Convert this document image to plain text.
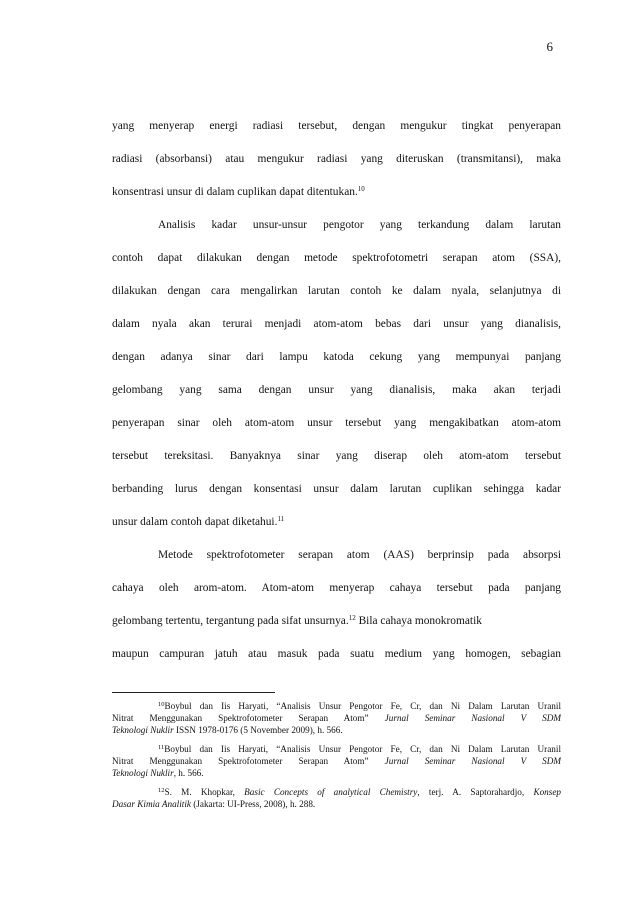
6
yang menyerap energi radiasi tersebut, dengan mengukur tingkat penyerapan
radiasi (absorbansi) atau mengukur radiasi yang diteruskan (transmitansi), maka
konsentrasi unsur di dalam cuplikan dapat ditentukan.$^{10}$
Analisis kadar unsur-unsur pengotor yang terkandung dalam larutan
contoh dapat dilakukan dengan metode spektrofotometri serapan atom (SSA),
dilakukan dengan cara mengalirkan larutan contoh ke dalam nyala, selanjutnya di
dalam nyala akan terurai menjadi atom-atom bebas dari unsur yang dianalisis,
dengan adanya sinar dari lampu katoda cekung yang mempunyai panjang
gelombang yang sama dengan unsur yang dianalisis, maka akan terjadi
penyerapan sinar oleh atom-atom unsur tersebut yang mengakibatkan atom-atom
tersebut tereksitasi. Banyaknya sinar yang diserap oleh atom-atom tersebut
berbanding lurus dengan konsentasi unsur dalam larutan cuplikan sehingga kadar
unsur dalam contoh dapat diketahui.$^{11}$
Metode spektrofotometer serapan atom (AAS) berprinsip pada absorpsi
cahaya oleh arom-atom. Atom-atom menyerap cahaya tersebut pada panjang
gelombang tertentu, tergantung pada sifat unsurnya.$^{12}$ Bila cahaya monokromatik
maupun campuran jatuh atau masuk pada suatu medium yang homogen, sebagian
$^{10}$Boybul dan Iis Haryati, “Analisis Unsur Pengotor Fe, Cr, dan Ni Dalam Larutan Uranil
Nitrat Menggunakan Spektrofotometer Serapan Atom” Jurnal Seminar Nasional V SDM
Teknologi Nuklir ISSN 1978-0176 (5 November 2009), h. 566.
$^{11}$Boybul dan Iis Haryati, “Analisis Unsur Pengotor Fe, Cr, dan Ni Dalam Larutan Uranil
Nitrat Menggunakan Spektrofotometer Serapan Atom” Jurnal Seminar Nasional V SDM
Teknologi Nuklir, h. 566.
$^{12}$S. M. Khopkar, Basic Concepts of analytical Chemistry, terj. A. Saptorahardjo, Konsep
Dasar Kimia Analitik (Jakarta: UI-Press, 2008), h. 288.
